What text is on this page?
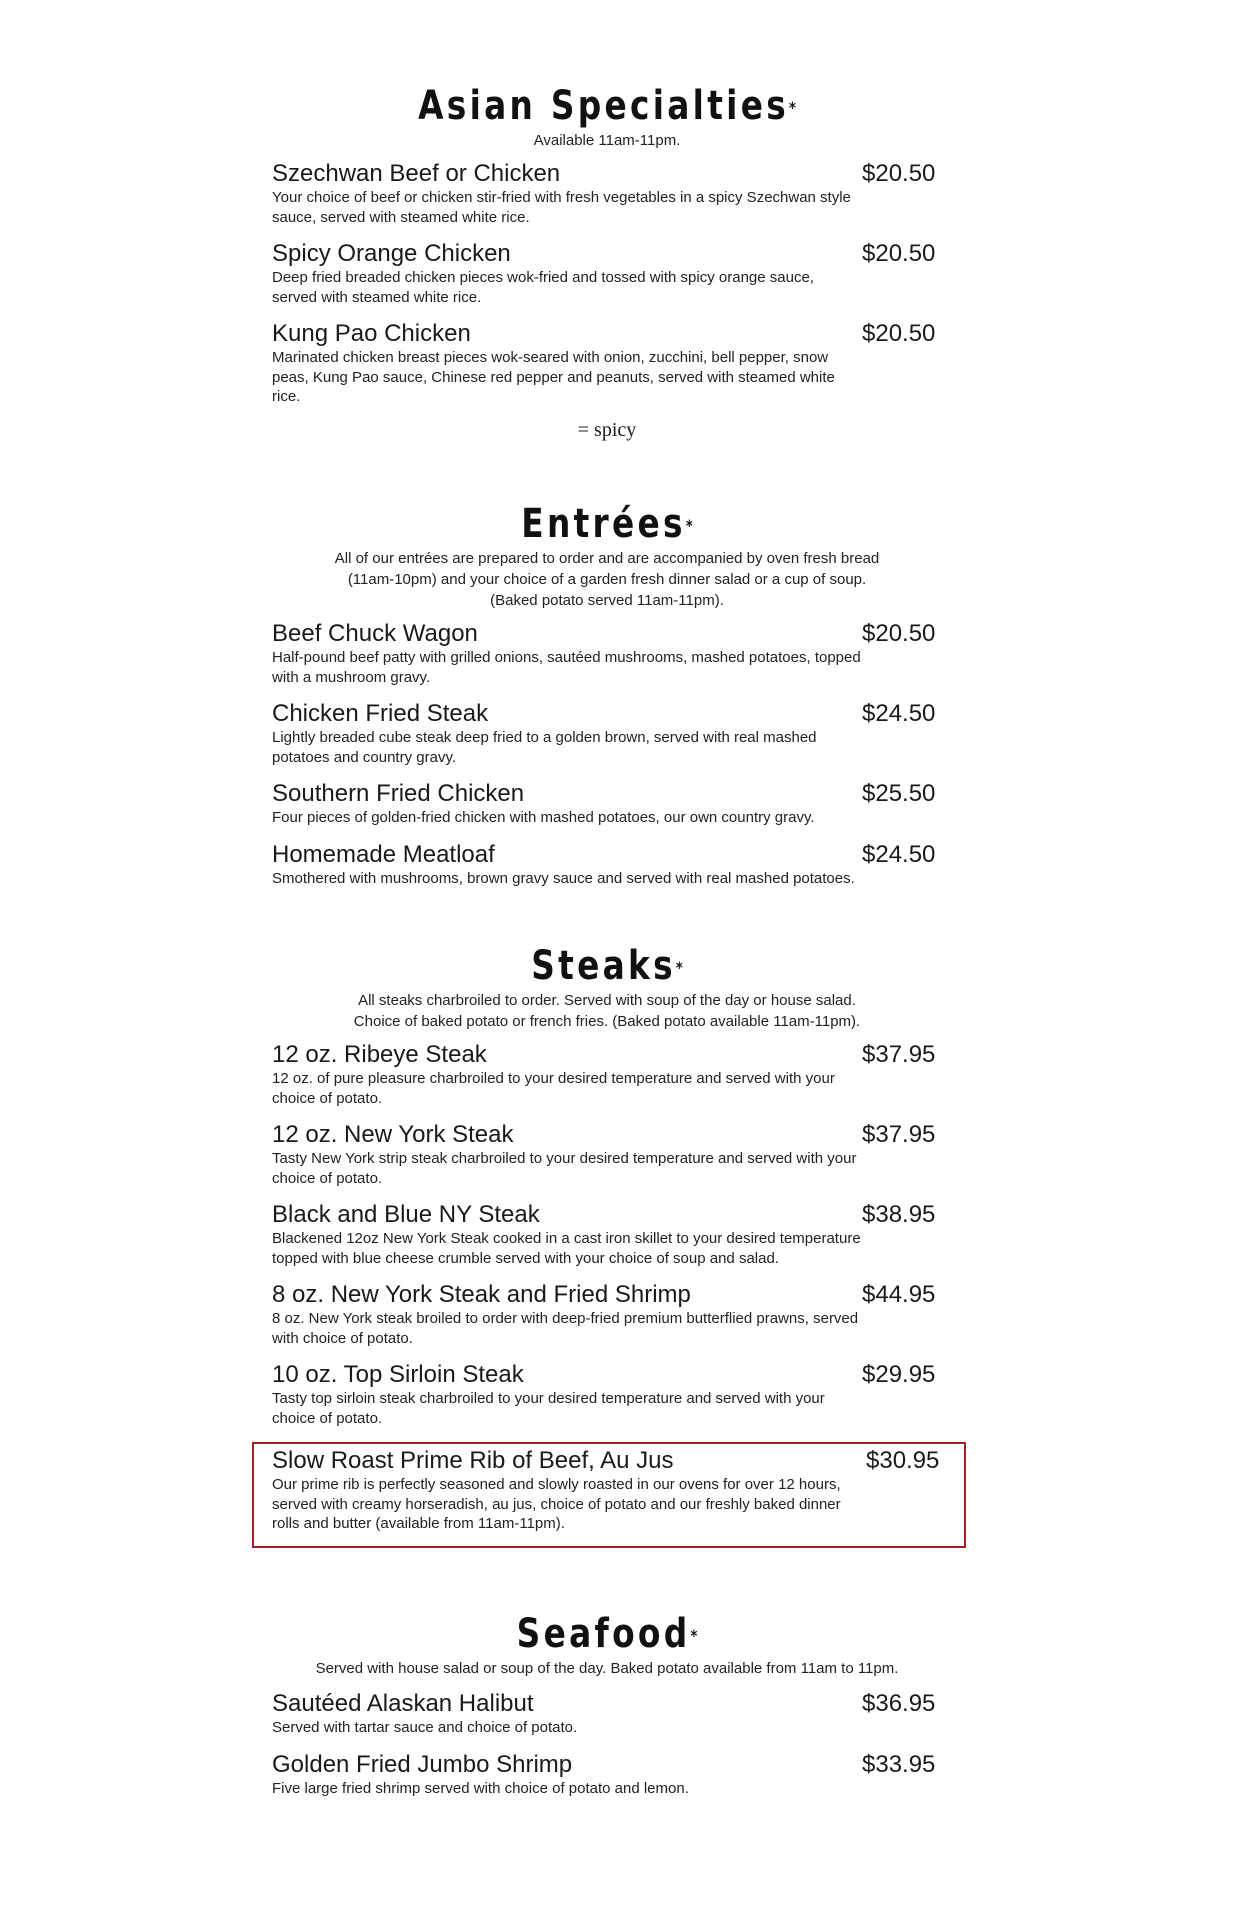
Asian Specialties*
Available 11am-11pm.
Szechwan Beef or Chicken	$20.50
Your choice of beef or chicken stir-fried with fresh vegetables in a spicy Szechwan style sauce, served with steamed white rice.
Spicy Orange Chicken	$20.50
Deep fried breaded chicken pieces wok-fried and tossed with spicy orange sauce, served with steamed white rice.
Kung Pao Chicken	$20.50
Marinated chicken breast pieces wok-seared with onion, zucchini, bell pepper, snow peas, Kung Pao sauce, Chinese red pepper and peanuts, served with steamed white rice.
= spicy
Entrées*
All of our entrées are prepared to order and are accompanied by oven fresh bread
(11am-10pm) and your choice of a garden fresh dinner salad or a cup of soup.
(Baked potato served 11am-11pm).
Beef Chuck Wagon	$20.50
Half-pound beef patty with grilled onions, sautéed mushrooms, mashed potatoes, topped with a mushroom gravy.
Chicken Fried Steak	$24.50
Lightly breaded cube steak deep fried to a golden brown, served with real mashed potatoes and country gravy.
Southern Fried Chicken	$25.50
Four pieces of golden-fried chicken with mashed potatoes, our own country gravy.
Homemade Meatloaf	$24.50
Smothered with mushrooms, brown gravy sauce and served with real mashed potatoes.
Steaks*
All steaks charbroiled to order. Served with soup of the day or house salad.
Choice of baked potato or french fries. (Baked potato available 11am-11pm).
12 oz. Ribeye Steak	$37.95
12 oz. of pure pleasure charbroiled to your desired temperature and served with your choice of potato.
12 oz. New York Steak	$37.95
Tasty New York strip steak charbroiled to your desired temperature and served with your choice of potato.
Black and Blue NY Steak	$38.95
Blackened 12oz New York Steak cooked in a cast iron skillet to your desired temperature topped with blue cheese crumble served with your choice of soup and salad.
8 oz. New York Steak and Fried Shrimp	$44.95
8 oz. New York steak broiled to order with deep-fried premium butterflied prawns, served with choice of potato.
10 oz. Top Sirloin Steak	$29.95
Tasty top sirloin steak charbroiled to your desired temperature and served with your choice of potato.
Slow Roast Prime Rib of Beef, Au Jus	$30.95
Our prime rib is perfectly seasoned and slowly roasted in our ovens for over 12 hours, served with creamy horseradish, au jus, choice of potato and our freshly baked dinner rolls and butter (available from 11am-11pm).
Seafood*
Served with house salad or soup of the day. Baked potato available from 11am to 11pm.
Sautéed Alaskan Halibut	$36.95
Served with tartar sauce and choice of potato.
Golden Fried Jumbo Shrimp	$33.95
Five large fried shrimp served with choice of potato and lemon.
